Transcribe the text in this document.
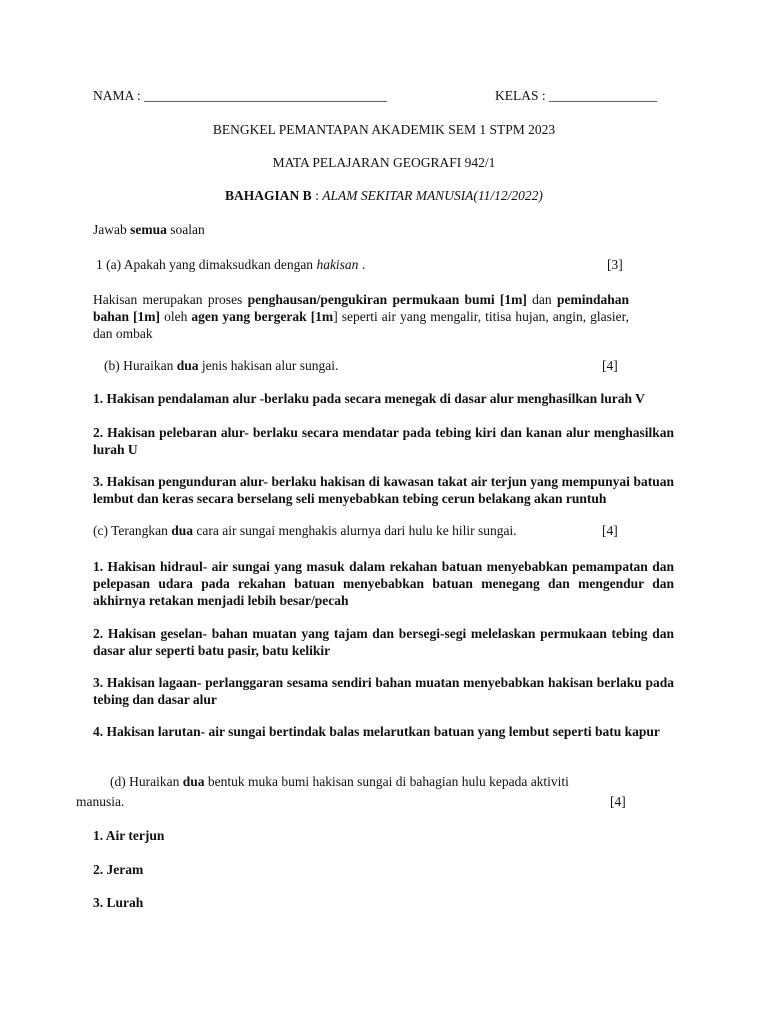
NAMA : ____________________________________	KELAS : ________________
BENGKEL PEMANTAPAN AKADEMIK SEM 1 STPM 2023
MATA PELAJARAN GEOGRAFI 942/1
BAHAGIAN B : ALAM SEKITAR MANUSIA(11/12/2022)
Jawab semua soalan
1 (a) Apakah yang dimaksudkan dengan hakisan .	[3]
Hakisan merupakan proses penghausan/pengukiran permukaan bumi [1m] dan pemindahan bahan [1m] oleh agen yang bergerak [1m] seperti air yang mengalir, titisa hujan, angin, glasier, dan ombak
(b) Huraikan dua jenis hakisan alur sungai.	[4]
1. Hakisan pendalaman alur -berlaku pada secara menegak di dasar alur menghasilkan lurah V
2. Hakisan pelebaran alur- berlaku secara mendatar pada tebing kiri dan kanan alur menghasilkan lurah U
3. Hakisan pengunduran alur- berlaku hakisan di kawasan takat air terjun yang mempunyai batuan lembut dan keras secara berselang seli menyebabkan tebing cerun belakang akan runtuh
(c) Terangkan dua cara air sungai menghakis alurnya dari hulu ke hilir sungai.	[4]
1. Hakisan hidraul- air sungai yang masuk dalam rekahan batuan menyebabkan pemampatan dan pelepasan udara pada rekahan batuan menyebabkan batuan menegang dan mengendur dan akhirnya retakan menjadi lebih besar/pecah
2. Hakisan geselan- bahan muatan yang tajam dan bersegi-segi melelaskan permukaan tebing dan dasar alur seperti batu pasir, batu kelikir
3. Hakisan lagaan- perlanggaran sesama sendiri bahan muatan menyebabkan hakisan berlaku pada tebing dan dasar alur
4. Hakisan larutan- air sungai bertindak balas melarutkan batuan yang lembut seperti batu kapur
(d) Huraikan dua bentuk muka bumi hakisan sungai di bahagian hulu kepada aktiviti
manusia.	[4]
1. Air terjun
2. Jeram
3. Lurah
